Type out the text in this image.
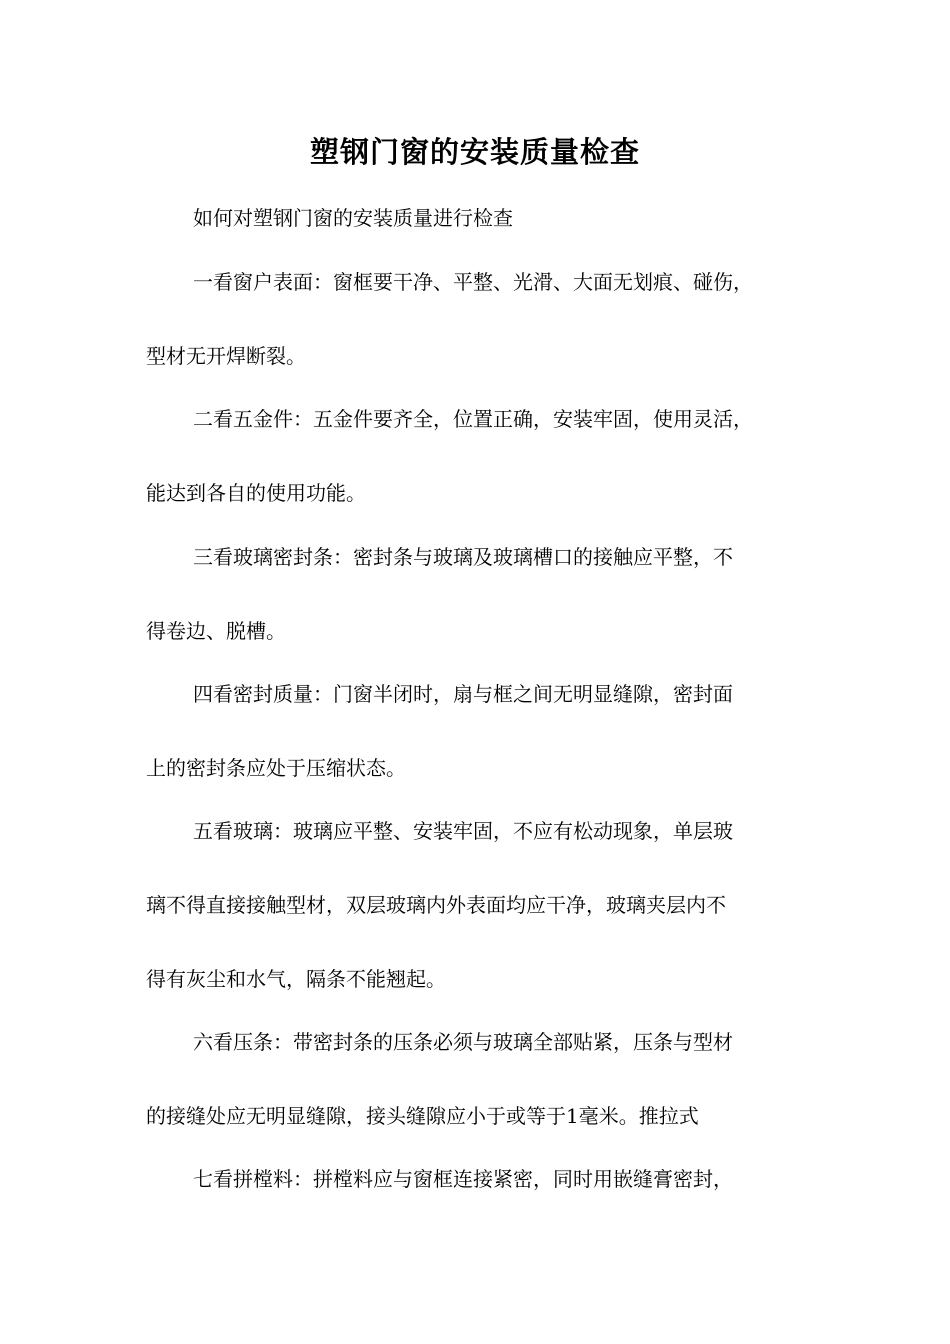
塑钢门窗的安装质量检查
如何对塑钢门窗的安装质量进行检查
一看窗户表面：窗框要干净、平整、光滑、大面无划痕、碰伤，
型材无开焊断裂。
二看五金件：五金件要齐全，位置正确，安装牢固，使用灵活，
能达到各自的使用功能。
三看玻璃密封条：密封条与玻璃及玻璃槽口的接触应平整，不
得卷边、脱槽。
四看密封质量：门窗半闭时，扇与框之间无明显缝隙，密封面
上的密封条应处于压缩状态。
五看玻璃：玻璃应平整、安装牢固，不应有松动现象，单层玻
璃不得直接接触型材，双层玻璃内外表面均应干净，玻璃夹层内不
得有灰尘和水气，隔条不能翘起。
六看压条：带密封条的压条必须与玻璃全部贴紧，压条与型材
的接缝处应无明显缝隙，接头缝隙应小于或等于1毫米。推拉式
七看拼樘料：拼樘料应与窗框连接紧密，同时用嵌缝膏密封，
